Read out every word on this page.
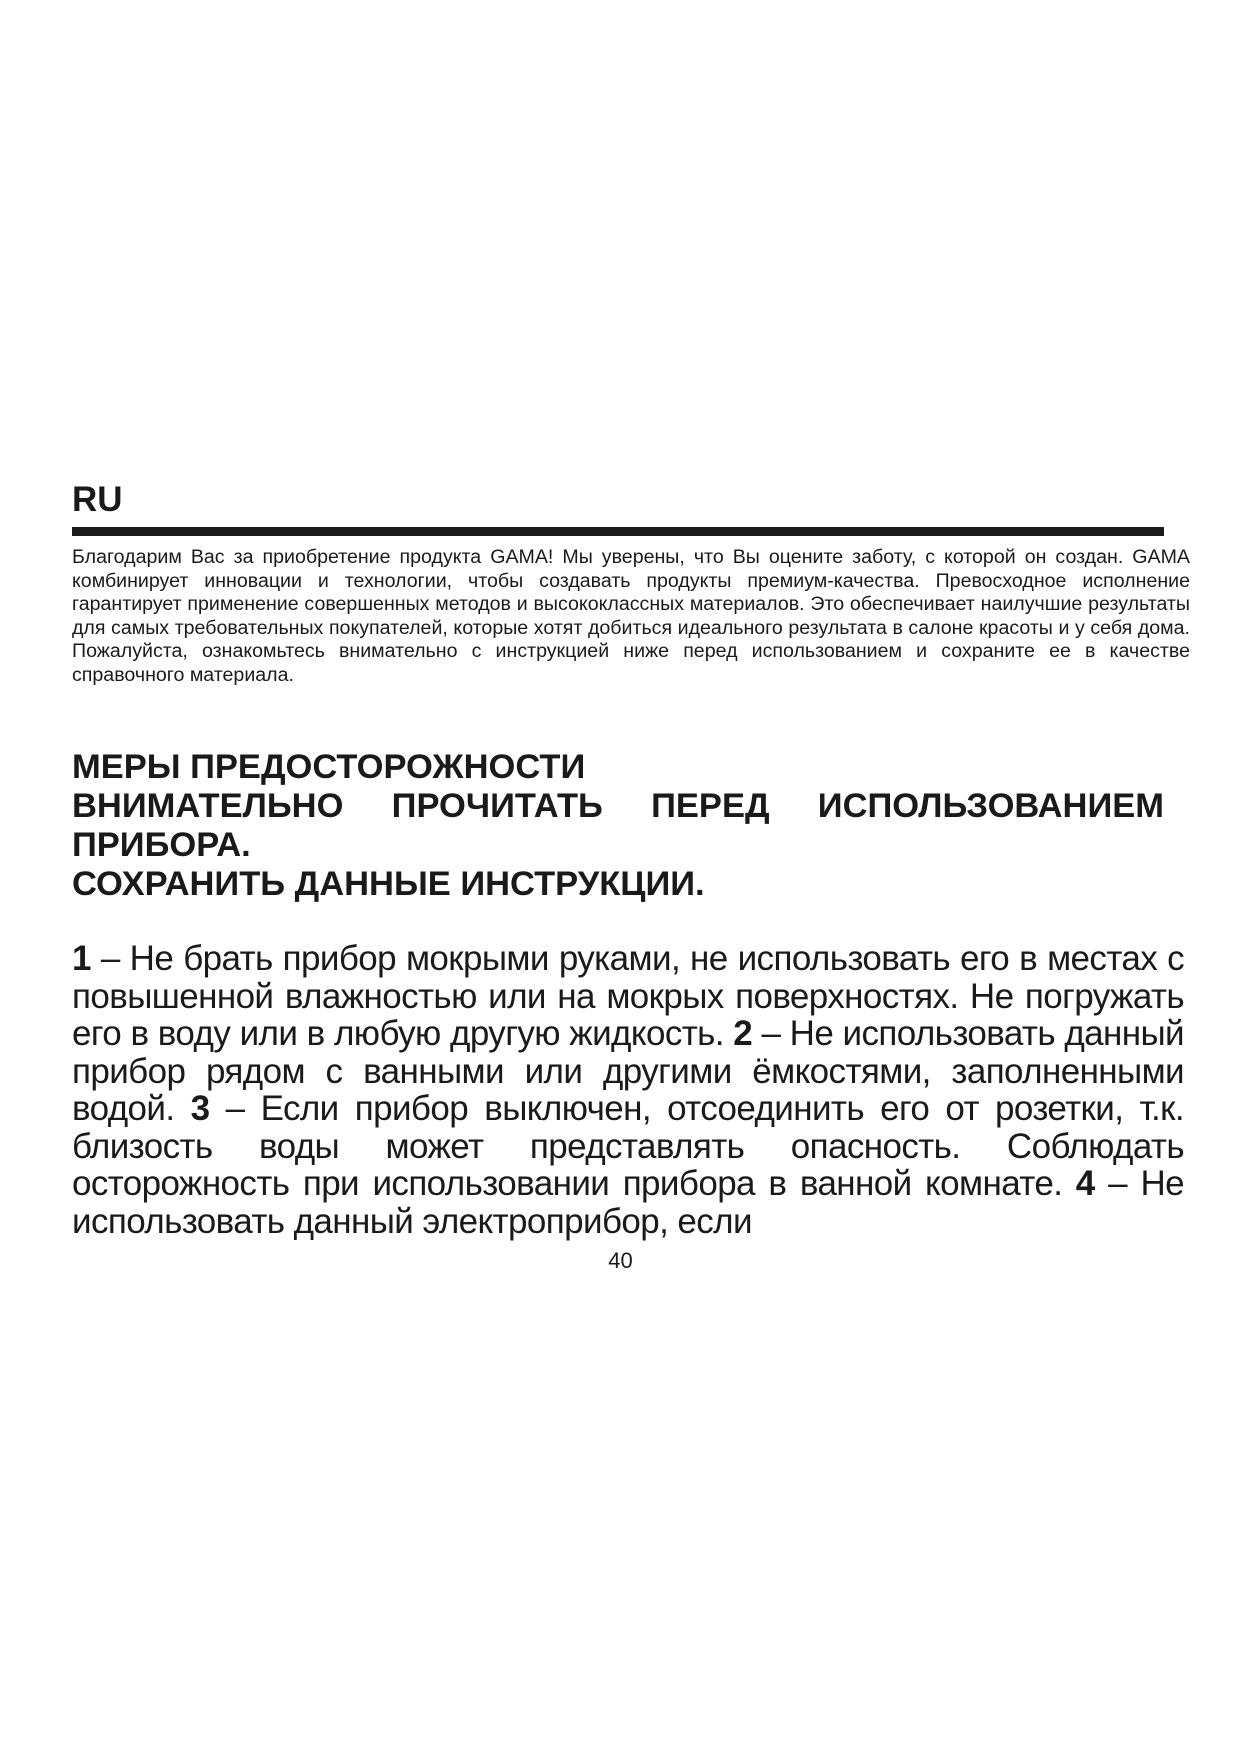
RU

Благодарим Вас за приобретение продукта GAMA! Мы уверены, что Вы оцените заботу, с которой он создан. GAMA комбинирует инновации и технологии, чтобы создавать продукты премиум-качества. Превосходное исполнение гарантирует применение совершенных методов и высококлассных материалов. Это обеспечивает наилучшие результаты для самых требовательных покупателей, которые хотят добиться идеального результата в салоне красоты и у себя дома. Пожалуйста, ознакомьтесь внимательно с инструкцией ниже перед использованием и сохраните ее в качестве справочного материала.

МЕРЫ ПРЕДОСТОРОЖНОСТИ
ВНИМАТЕЛЬНО ПРОЧИТАТЬ ПЕРЕД ИСПОЛЬЗОВАНИЕМ
ПРИБОРА.
СОХРАНИТЬ ДАННЫЕ ИНСТРУКЦИИ.

1 – Не брать прибор мокрыми руками, не использовать его в местах с повышенной влажностью или на мокрых поверхностях. Не погружать его в воду или в любую другую жидкость. 2 – Не использовать данный прибор рядом с ванными или другими ёмкостями, заполненными водой. 3 – Если прибор выключен, отсоединить его от розетки, т.к. близость воды может представлять опасность. Соблюдать осторожность при использовании прибора в ванной комнате. 4 – Не использовать данный электроприбор, если

40
